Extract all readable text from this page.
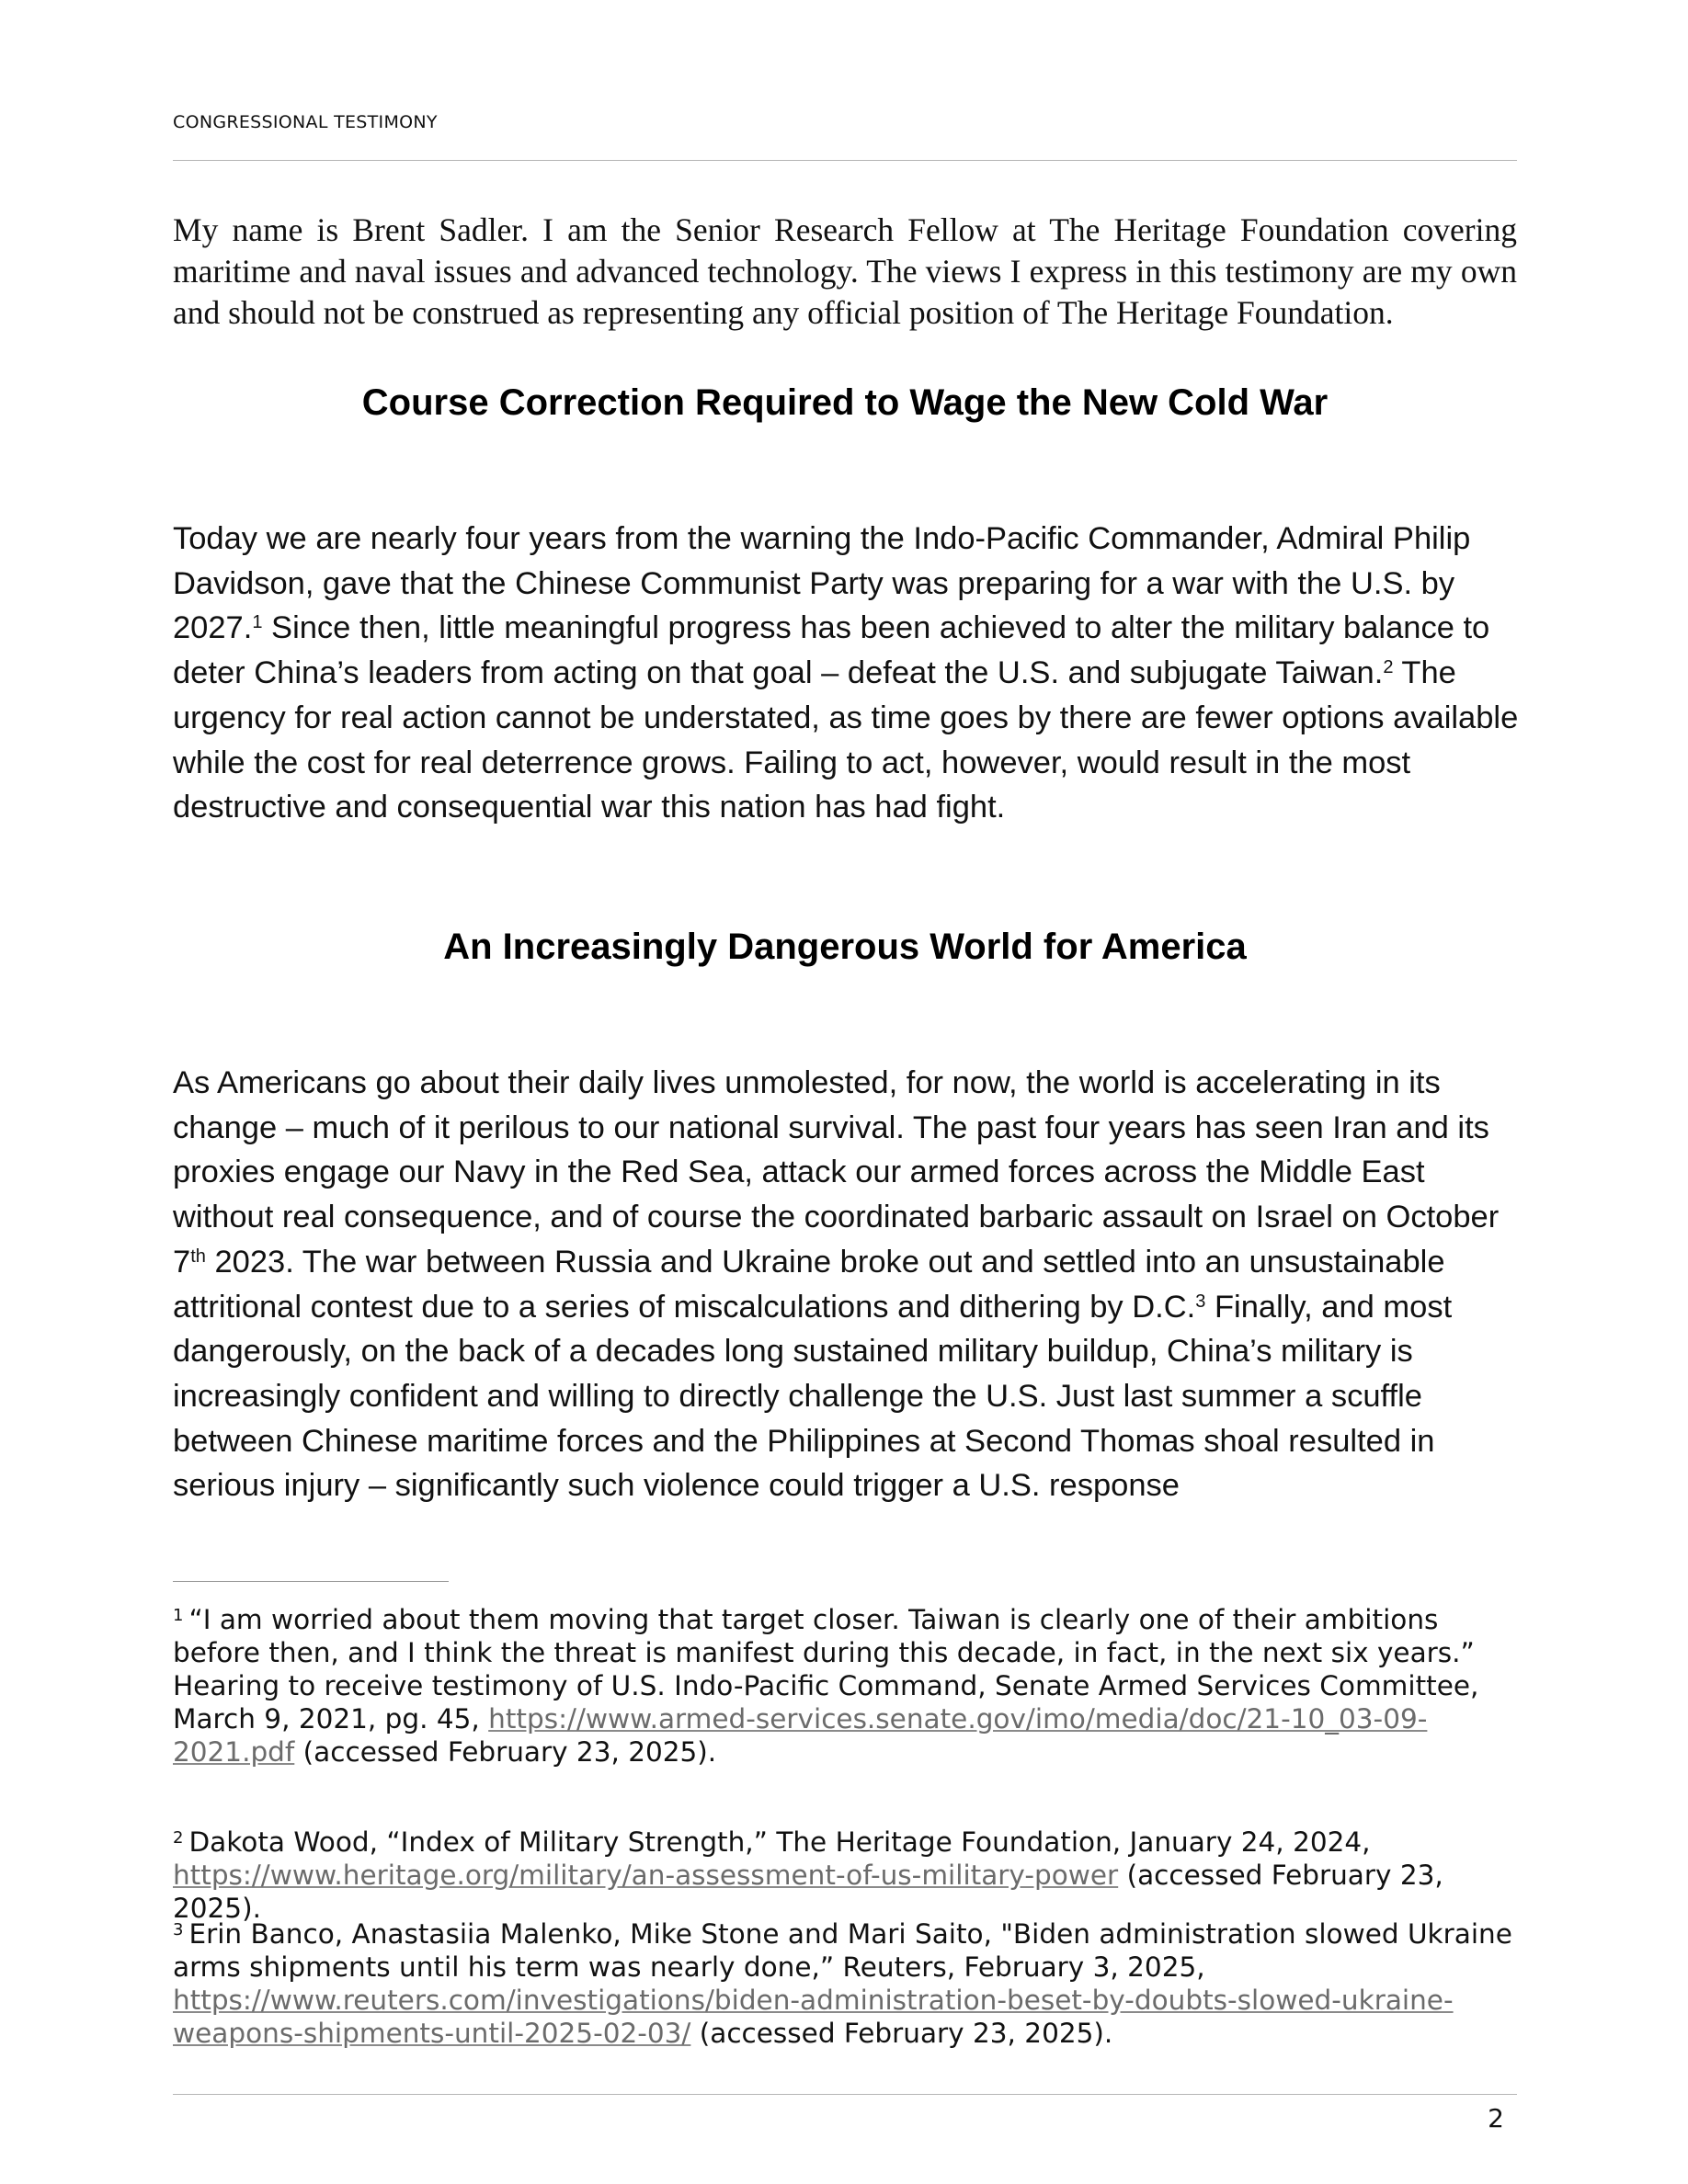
CONGRESSIONAL TESTIMONY

My name is Brent Sadler. I am the Senior Research Fellow at The Heritage Foundation covering maritime and naval issues and advanced technology. The views I express in this testimony are my own and should not be construed as representing any official position of The Heritage Foundation.

Course Correction Required to Wage the New Cold War

Today we are nearly four years from the warning the Indo-Pacific Commander, Admiral Philip Davidson, gave that the Chinese Communist Party was preparing for a war with the U.S. by 2027.$^1$ Since then, little meaningful progress has been achieved to alter the military balance to deter China’s leaders from acting on that goal – defeat the U.S. and subjugate Taiwan.$^2$ The urgency for real action cannot be understated, as time goes by there are fewer options available while the cost for real deterrence grows. Failing to act, however, would result in the most destructive and consequential war this nation has had fight.

An Increasingly Dangerous World for America

As Americans go about their daily lives unmolested, for now, the world is accelerating in its change – much of it perilous to our national survival. The past four years has seen Iran and its proxies engage our Navy in the Red Sea, attack our armed forces across the Middle East without real consequence, and of course the coordinated barbaric assault on Israel on October 7th 2023. The war between Russia and Ukraine broke out and settled into an unsustainable attritional contest due to a series of miscalculations and dithering by D.C.$^3$ Finally, and most dangerously, on the back of a decades long sustained military buildup, China’s military is increasingly confident and willing to directly challenge the U.S. Just last summer a scuffle between Chinese maritime forces and the Philippines at Second Thomas shoal resulted in serious injury – significantly such violence could trigger a U.S. response

$^1$ “I am worried about them moving that target closer. Taiwan is clearly one of their ambitions before then, and I think the threat is manifest during this decade, in fact, in the next six years.” Hearing to receive testimony of U.S. Indo-Pacific Command, Senate Armed Services Committee, March 9, 2021, pg. 45, https://www.armed-services.senate.gov/imo/media/doc/21-10_03-09-2021.pdf (accessed February 23, 2025).

$^2$ Dakota Wood, “Index of Military Strength,” The Heritage Foundation, January 24, 2024, https://www.heritage.org/military/an-assessment-of-us-military-power (accessed February 23, 2025).

$^3$ Erin Banco, Anastasiia Malenko, Mike Stone and Mari Saito, "Biden administration slowed Ukraine arms shipments until his term was nearly done,” Reuters, February 3, 2025, https://www.reuters.com/investigations/biden-administration-beset-by-doubts-slowed-ukraine-weapons-shipments-until-2025-02-03/ (accessed February 23, 2025).

2
